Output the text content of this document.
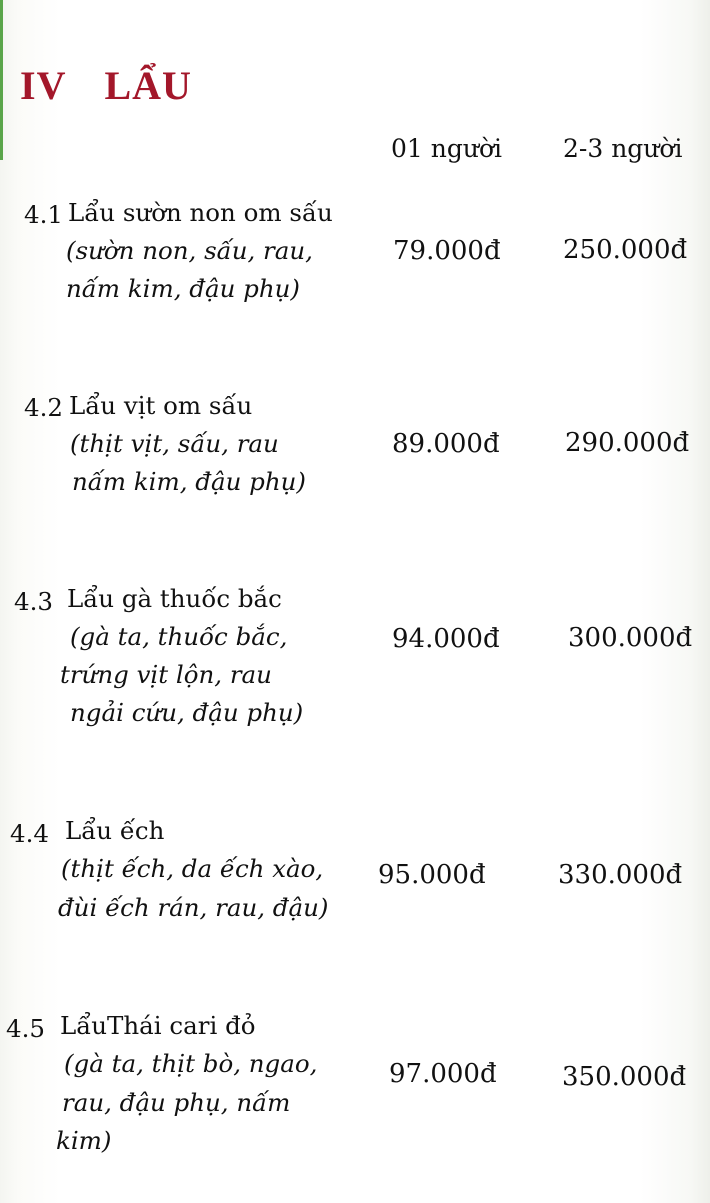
IV LẨU
01 người 2-3 người
4.1 Lẩu sườn non om sấu
(sườn non, sấu, rau,
nấm kim, đậu phụ)
79.000đ 250.000đ
4.2 Lẩu vịt om sấu
(thịt vịt, sấu, rau
nấm kim, đậu phụ)
89.000đ	290.000đ
4.3 Lẩu gà thuốc bắc
(gà ta, thuốc bắc,
trứng vịt lộn, rau
ngải cứu, đậu phụ)
94.000đ	300.000đ
4.4 Lẩu ếch
(thịt ếch, da ếch xào,
đùi ếch rán, rau, đậu)
95.000đ	330.000đ
4.5 LẩuThái cari đỏ
(gà ta, thịt bò, ngao,
rau, đậu phụ, nấm
kim)
97.000đ	350.000đ
